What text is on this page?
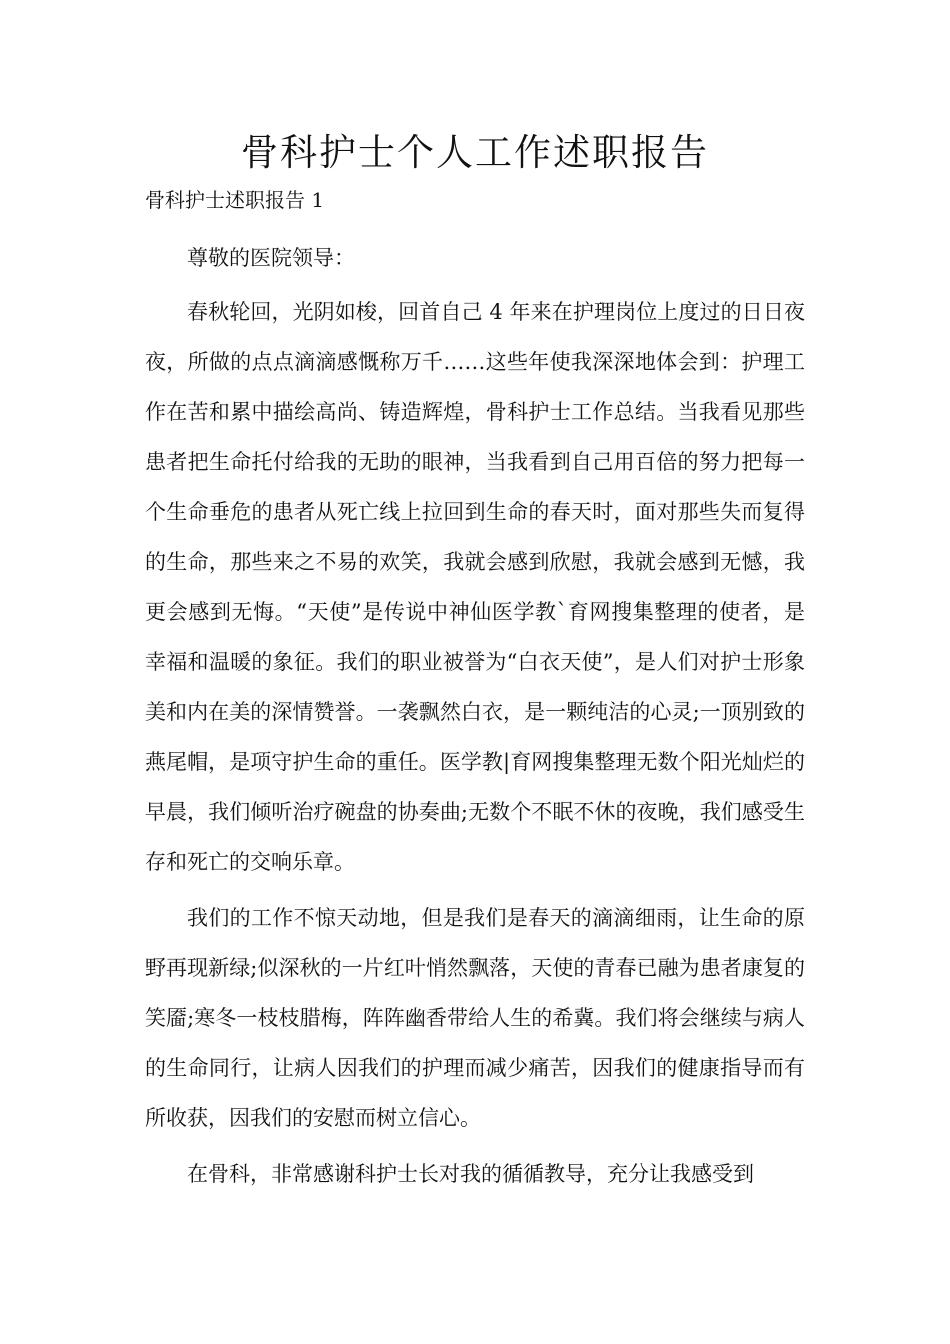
骨科护士个人工作述职报告

骨科护士述职报告 1

尊敬的医院领导：

春秋轮回，光阴如梭，回首自己 4 年来在护理岗位上度过的日日夜夜，所做的点点滴滴感慨称万千……这些年使我深深地体会到：护理工作在苦和累中描绘高尚、铸造辉煌，骨科护士工作总结。当我看见那些患者把生命托付给我的无助的眼神，当我看到自己用百倍的努力把每一个生命垂危的患者从死亡线上拉回到生命的春天时，面对那些失而复得的生命，那些来之不易的欢笑，我就会感到欣慰，我就会感到无憾，我更会感到无悔。“天使”是传说中神仙医学教`育网搜集整理的使者，是幸福和温暖的象征。我们的职业被誉为“白衣天使”，是人们对护士形象美和内在美的深情赞誉。一袭飘然白衣，是一颗纯洁的心灵;一顶别致的燕尾帽，是项守护生命的重任。医学教|育网搜集整理无数个阳光灿烂的早晨，我们倾听治疗碗盘的协奏曲;无数个不眠不休的夜晚，我们感受生存和死亡的交响乐章。

我们的工作不惊天动地，但是我们是春天的滴滴细雨，让生命的原野再现新绿;似深秋的一片红叶悄然飘落，天使的青春已融为患者康复的笑靥;寒冬一枝枝腊梅，阵阵幽香带给人生的希冀。我们将会继续与病人的生命同行，让病人因我们的护理而减少痛苦，因我们的健康指导而有所收获，因我们的安慰而树立信心。

在骨科，非常感谢科护士长对我的循循教导，充分让我感受到
